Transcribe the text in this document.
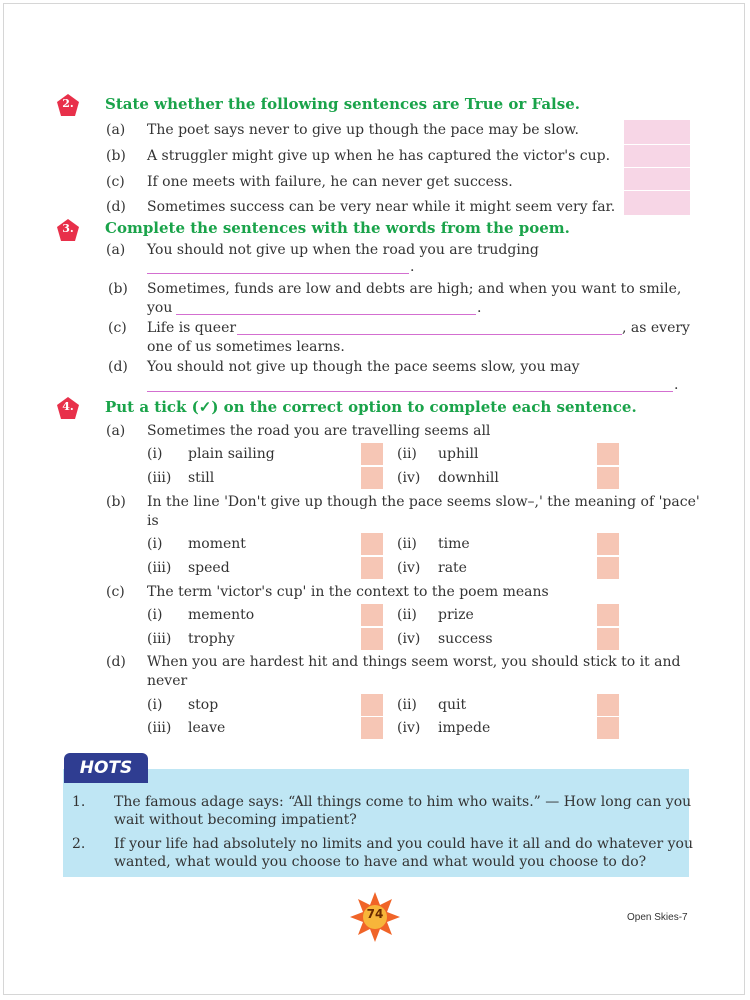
2.	State whether the following sentences are True or False.
(a) The poet says never to give up though the pace may be slow.
(b) A struggler might give up when he has captured the victor's cup.
(c) If one meets with failure, he can never get success.
(d) Sometimes success can be very near while it might seem very far.
3.	Complete the sentences with the words from the poem.
(a) You should not give up when the road you are trudging
.
(b) Sometimes, funds are low and debts are high; and when you want to smile,
you	.
(c) Life is queer	, as every
one of us sometimes learns.
(d) You should not give up though the pace seems slow, you may
.
4.	Put a tick (✓) on the correct option to complete each sentence.
(a) Sometimes the road you are travelling seems all
(i) plain sailing	(ii) uphill
(iii) still	(iv) downhill
(b) In the line 'Don't give up though the pace seems slow–,' the meaning of 'pace'
is
(i) moment	(ii) time
(iii) speed	(iv) rate
(c) The term 'victor's cup' in the context to the poem means
(i) memento	(ii) prize
(iii) trophy	(iv) success
(d) When you are hardest hit and things seem worst, you should stick to it and
never
(i) stop	(ii) quit
(iii) leave	(iv) impede
HOTS
1. The famous adage says: “All things come to him who waits.” — How long can you
wait without becoming impatient?
2. If your life had absolutely no limits and you could have it all and do whatever you
wanted, what would you choose to have and what would you choose to do?
74	Open Skies-7
